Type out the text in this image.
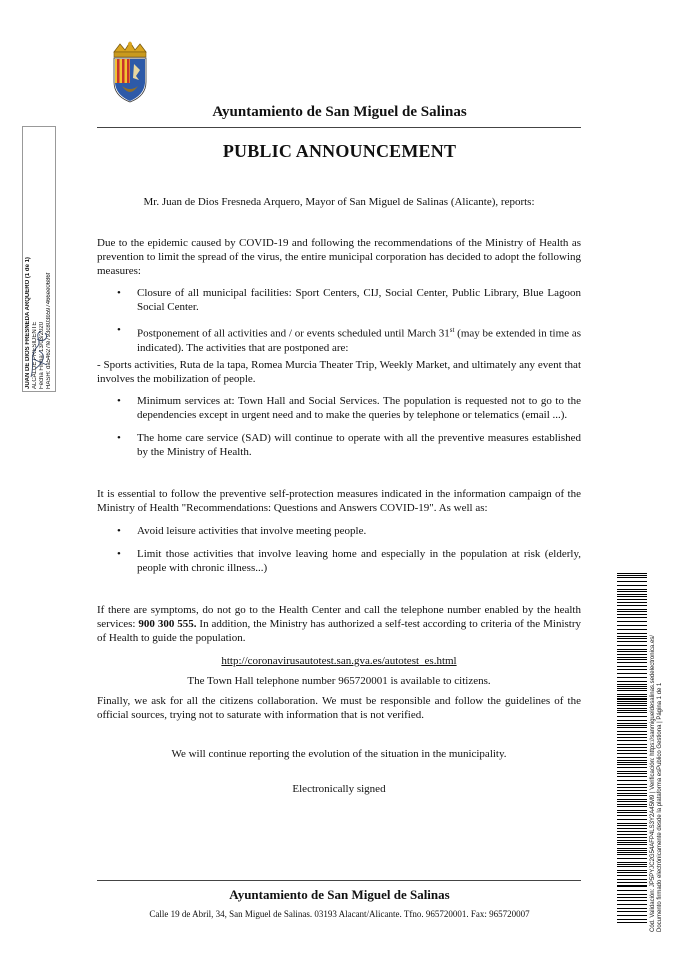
Ayuntamiento de San Miguel de Salinas
PUBLIC ANNOUNCEMENT

Mr. Juan de Dios Fresneda Arquero, Mayor of San Miguel de Salinas (Alicante), reports:

Due to the epidemic caused by COVID-19 and following the recommendations of the Ministry of Health as prevention to limit the spread of the virus, the entire municipal corporation has decided to adopt the following measures:

• Closure of all municipal facilities: Sport Centers, CIJ, Social Center, Public Library, Blue Lagoon Social Center.
• Postponement of all activities and / or events scheduled until March 31st (may be extended in time as indicated). The activities that are postponed are:

- Sports activities, Ruta de la tapa, Romea Murcia Theater Trip, Weekly Market, and ultimately any event that involves the mobilization of people.

• Minimum services at: Town Hall and Social Services. The population is requested not to go to the dependencies except in urgent need and to make the queries by telephone or telematics (email ...).
• The home care service (SAD) will continue to operate with all the preventive measures established by the Ministry of Health.

It is essential to follow the preventive self-protection measures indicated in the information campaign of the Ministry of Health "Recommendations: Questions and Answers COVID-19". As well as:

• Avoid leisure activities that involve meeting people.
• Limit those activities that involve leaving home and especially in the population at risk (elderly, people with chronic illness...)

If there are symptoms, do not go to the Health Center and call the telephone number enabled by the health services: 900 300 555. In addition, the Ministry has authorized a self-test according to criteria of the Ministry of Health to guide the population.

http://coronavirusautotest.san.gva.es/autotest_es.html

The Town Hall telephone number 965720001 is available to citizens.

Finally, we ask for all the citizens collaboration. We must be responsible and follow the guidelines of the official sources, trying not to saturate with information that is not verified.

We will continue reporting the evolution of the situation in the municipality.

Electronically signed

Ayuntamiento de San Miguel de Salinas
Calle 19 de Abril, 34, San Miguel de Salinas. 03193 Alacant/Alicante. Tfno. 965720001. Fax: 965720007
JUAN DE DIOS FRESNEDA ARQUERO (1 de 1) ALCALDE PRESIDENTE Fecha Firma: 13/03/2020 HASH: da54627fe793c803b597466ee0686f
Cód. Validación: JP5PYJC2G54AFP4LS3Y2A45M9 | Verificación: https://sanmigueldesalinas.sedelectronica.es/ Documento firmado electrónicamente desde la plataforma esPublico Gestiona | Página 1 de 1
